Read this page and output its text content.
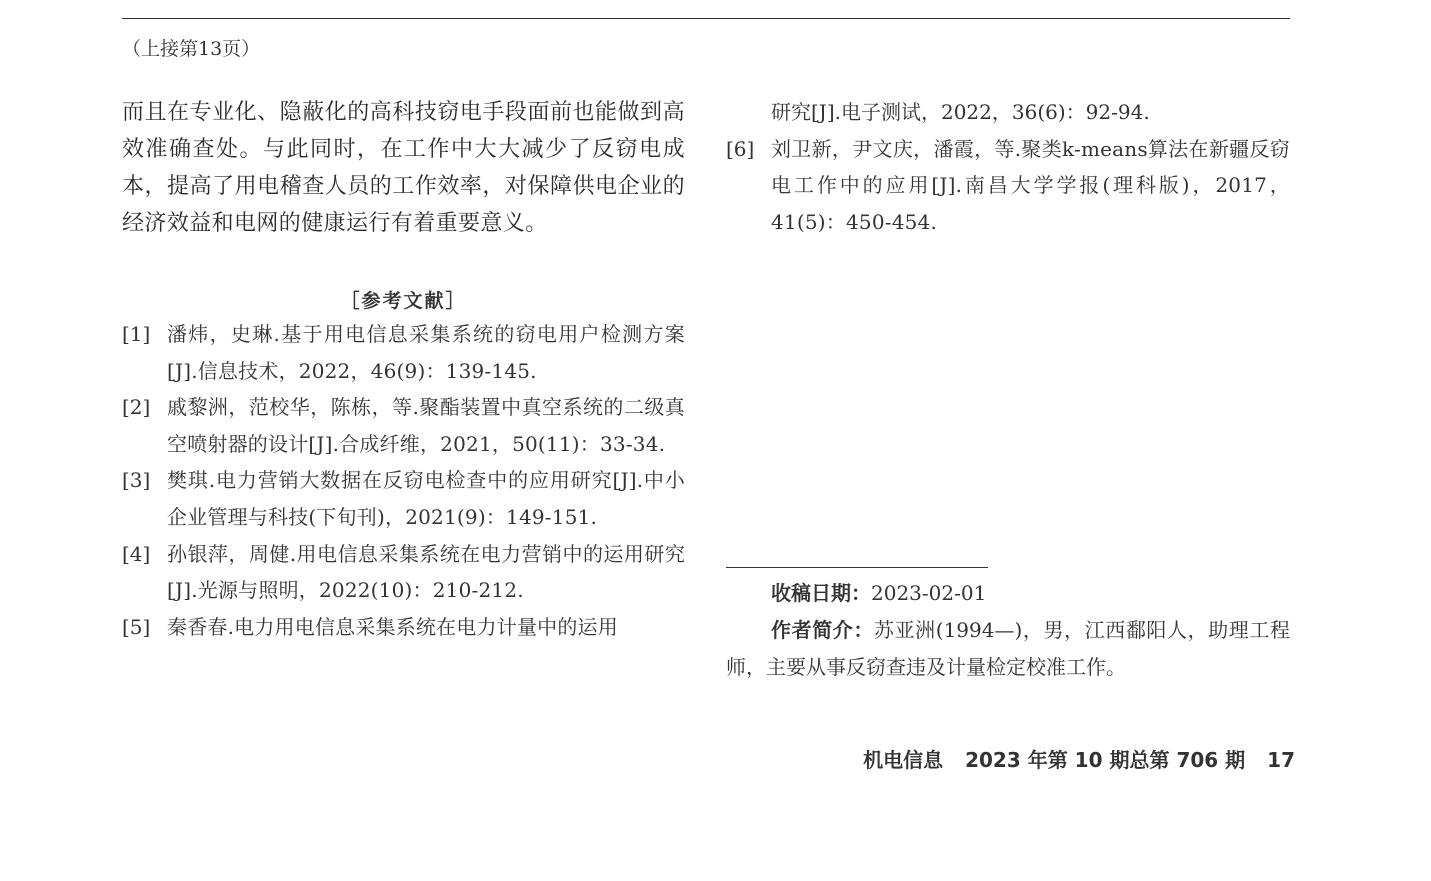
（上接第13页）

而且在专业化、隐蔽化的高科技窃电手段面前也能做到高效准确查处。与此同时，在工作中大大减少了反窃电成本，提高了用电稽查人员的工作效率，对保障供电企业的经济效益和电网的健康运行有着重要意义。

［参考文献］
[1] 潘炜，史琳.基于用电信息采集系统的窃电用户检测方案[J].信息技术，2022，46(9)：139-145.
[2] 戚黎洲，范校华，陈栋，等.聚酯装置中真空系统的二级真空喷射器的设计[J].合成纤维，2021，50(11)：33-34.
[3] 樊琪.电力营销大数据在反窃电检查中的应用研究[J].中小企业管理与科技(下旬刊)，2021(9)：149-151.
[4] 孙银萍，周健.用电信息采集系统在电力营销中的运用研究[J].光源与照明，2022(10)：210-212.
[5] 秦香春.电力用电信息采集系统在电力计量中的运用
研究[J].电子测试，2022，36(6)：92-94.
[6] 刘卫新，尹文庆，潘霞，等.聚类k-means算法在新疆反窃电工作中的应用[J].南昌大学学报(理科版)，2017，41(5)：450-454.

收稿日期：2023-02-01

作者简介：苏亚洲(1994—)，男，江西鄱阳人，助理工程师，主要从事反窃查违及计量检定校准工作。

机电信息 2023 年第 10 期总第 706 期 17
